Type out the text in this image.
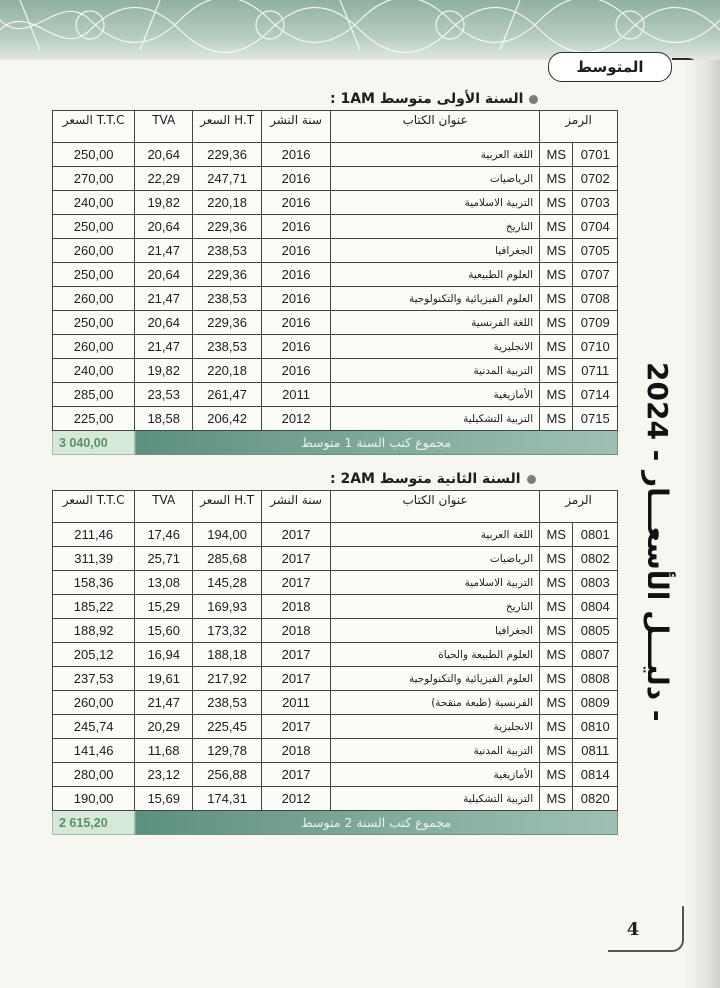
المتوسط
السنة الأولى متوسط 1AM :
السعر T.T.C	TVA	السعر H.T	سنة النشر	عنوان الكتاب	الرمز	
250,00	20,64	229,36	2016	اللغة العربية	MS	0701
270,00	22,29	247,71	2016	الرياضيات	MS	0702
240,00	19,82	220,18	2016	التربية الاسلامية	MS	0703
250,00	20,64	229,36	2016	التاريخ	MS	0704
260,00	21,47	238,53	2016	الجغرافيا	MS	0705
250,00	20,64	229,36	2016	العلوم الطبيعية	MS	0707
260,00	21,47	238,53	2016	العلوم الفيزيائية والتكنولوجية	MS	0708
250,00	20,64	229,36	2016	اللغة الفرنسية	MS	0709
260,00	21,47	238,53	2016	الانجليزية	MS	0710
240,00	19,82	220,18	2016	التربية المدنية	MS	0711
285,00	23,53	261,47	2011	الأمازيغية	MS	0714
225,00	18,58	206,42	2012	التربية التشكيلية	MS	0715
3 040,00	مجموع كتب السنة 1 متوسط					
السنة الثانية متوسط 2AM :
السعر T.T.C	TVA	السعر H.T	سنة النشر	عنوان الكتاب	الرمز	
211,46	17,46	194,00	2017	اللغة العربية	MS	0801
311,39	25,71	285,68	2017	الرياضيات	MS	0802
158,36	13,08	145,28	2017	التربية الاسلامية	MS	0803
185,22	15,29	169,93	2018	التاريخ	MS	0804
188,92	15,60	173,32	2018	الجغرافيا	MS	0805
205,12	16,94	188,18	2017	العلوم الطبيعة والحياة	MS	0807
237,53	19,61	217,92	2017	العلوم الفيزيائية والتكنولوجية	MS	0808
260,00	21,47	238,53	2011	الفرنسية (طبعة منقحة)	MS	0809
245,74	20,29	225,45	2017	الانجليزية	MS	0810
141,46	11,68	129,78	2018	التربية المدنية	MS	0811
280,00	23,12	256,88	2017	الأمازيغية	MS	0814
190,00	15,69	174,31	2012	التربية التشكيلية	MS	0820
2 615,20	مجموع كتب السنة 2 متوسط					
دليـــل الأسعـــار - 2024 -
4
